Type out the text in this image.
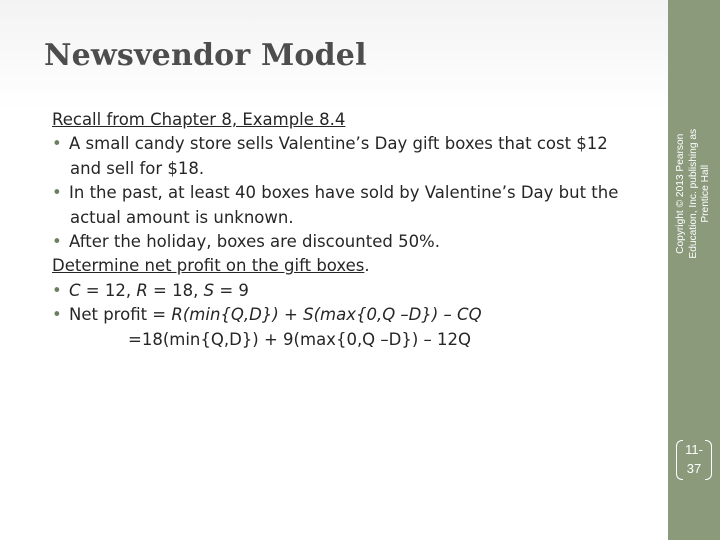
Newsvendor Model
Recall from Chapter 8, Example 8.4
• A small candy store sells Valentine’s Day gift boxes that cost $12
and sell for $18.
• In the past, at least 40 boxes have sold by Valentine’s Day but the
actual amount is unknown.
• After the holiday, boxes are discounted 50%.
Determine net profit on the gift boxes.
• C = 12, R = 18, S = 9
• Net profit = R(min{Q,D}) + S(max{0,Q –D}) – CQ
=18(min{Q,D}) + 9(max{0,Q –D}) – 12Q
Copyright © 2013 Pearson Education, Inc. publishing as Prentice Hall
11-
37
